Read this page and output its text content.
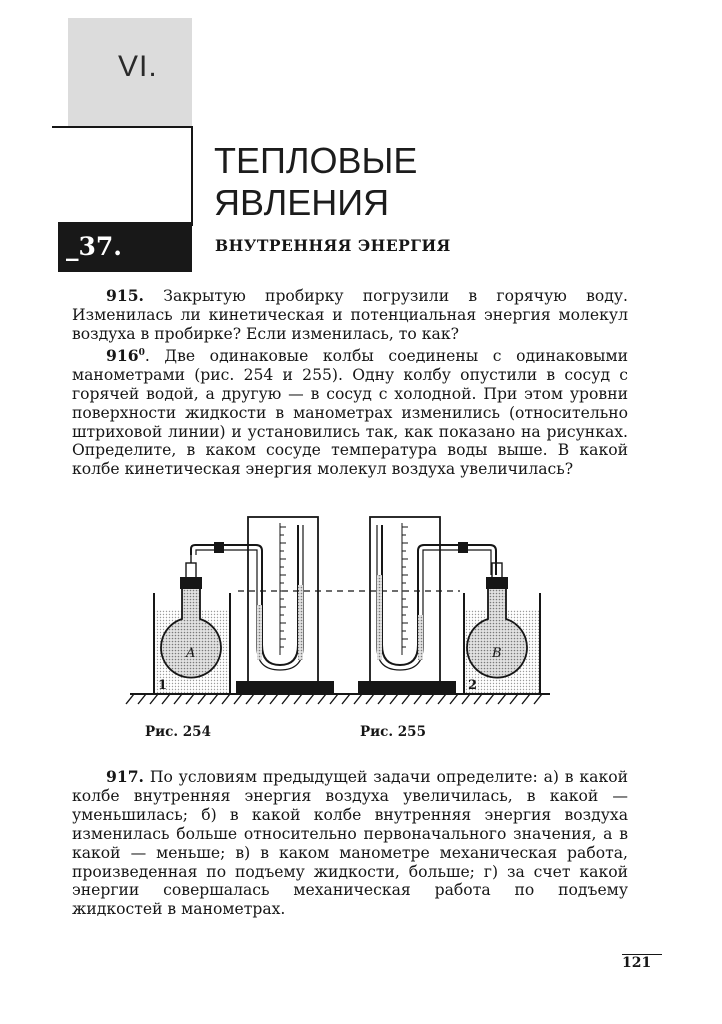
VI.
ТЕПЛОВЫЕ
ЯВЛЕНИЯ
_37.	ВНУТРЕННЯЯ ЭНЕРГИЯ

915. Закрытую пробирку погрузили в горячую воду. Изменилась ли кинетическая и потенциальная энергия молекул воздуха в пробирке? Если изменилась, то как?

$916^0$. Две одинаковые колбы соединены с одинаковыми манометрами (рис. 254 и 255). Одну колбу опустили в сосуд с горячей водой, а другую — в сосуд с холодной. При этом уровни поверхности жидкости в манометрах изменились (относительно штриховой линии) и установились так, как показано на рисунках. Определите, в каком сосуде температура воды выше. В какой колбе кинетическая энергия молекул воздуха увеличилась?

A	B
1	2
Рис. 254	Рис. 255

917. По условиям предыдущей задачи определите: а) в какой колбе внутренняя энергия воздуха увеличилась, в какой — уменьшилась; б) в какой колбе внутренняя энергия воздуха изменилась больше относительно первоначального значения, а в какой — меньше; в) в каком манометре механическая работа, произведенная по подъему жидкости, больше; г) за счет какой энергии совершалась механическая работа по подъему жидкостей в манометрах.

121
